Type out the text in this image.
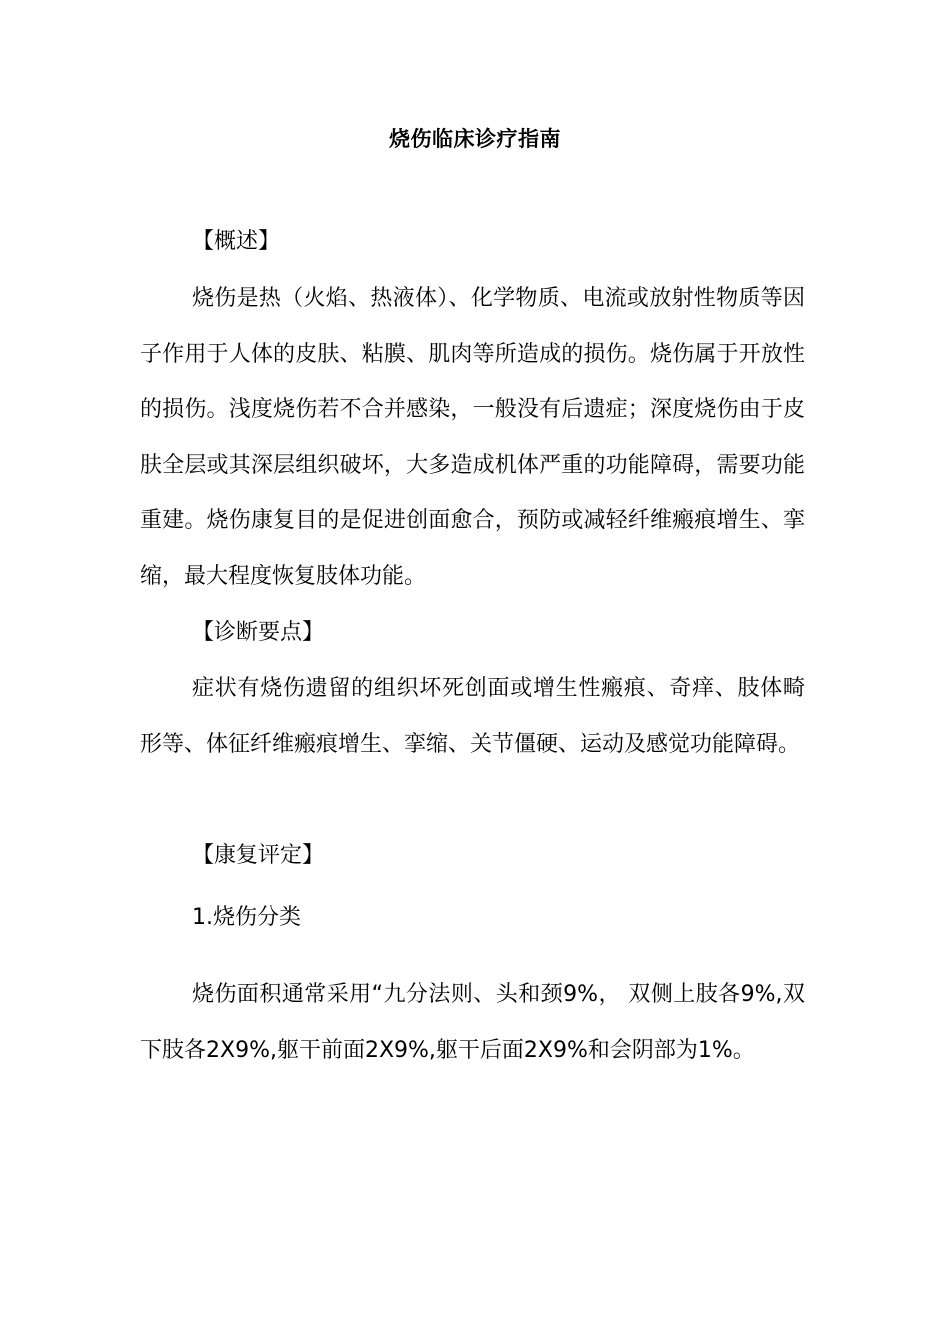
烧伤临床诊疗指南
【概述】
烧伤是热（火焰、热液体）、化学物质、电流或放射性物质等因子作用于人体的皮肤、粘膜、肌肉等所造成的损伤。烧伤属于开放性的损伤。浅度烧伤若不合并感染，一般没有后遗症；深度烧伤由于皮肤全层或其深层组织破坏，大多造成机体严重的功能障碍，需要功能重建。烧伤康复目的是促进创面愈合，预防或减轻纤维瘢痕增生、挛缩，最大程度恢复肢体功能。
【诊断要点】
症状有烧伤遗留的组织坏死创面或增生性瘢痕、奇痒、肢体畸形等、体征纤维瘢痕增生、挛缩、关节僵硬、运动及感觉功能障碍。
【康复评定】
1.烧伤分类
烧伤面积通常采用“九分法则、头和颈9%， 双侧上肢各9%,双下肢各2X9%,躯干前面2X9%,躯干后面2X9%和会阴部为1%。
